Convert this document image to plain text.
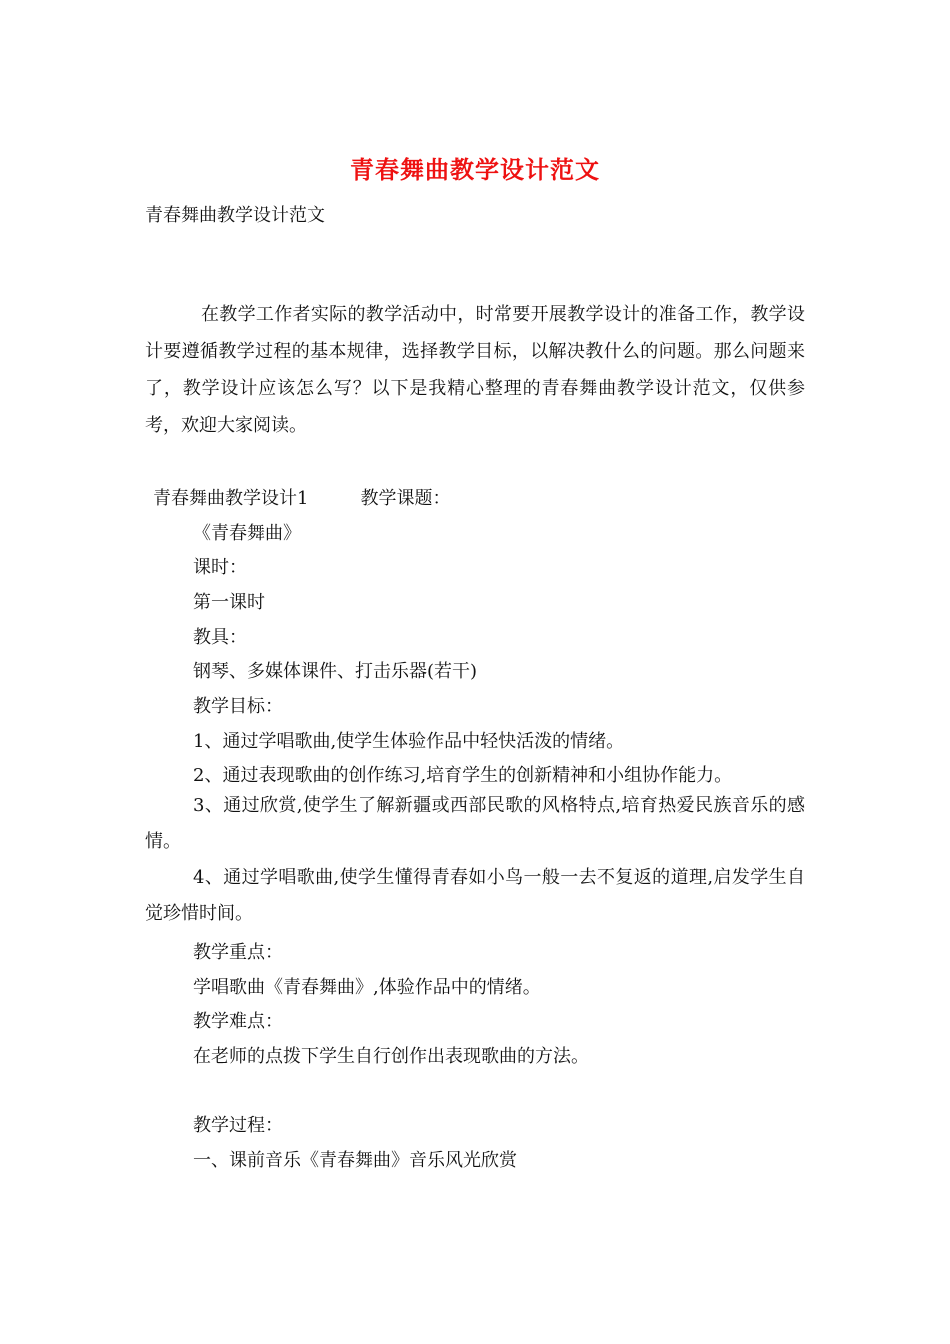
青春舞曲教学设计范文
青春舞曲教学设计范文
在教学工作者实际的教学活动中，时常要开展教学设计的准备工作，教学设计要遵循教学过程的基本规律，选择教学目标，以解决教什么的问题。那么问题来了，教学设计应该怎么写？以下是我精心整理的青春舞曲教学设计范文，仅供参考，欢迎大家阅读。
青春舞曲教学设计1	教学课题：
《青春舞曲》
课时：
第一课时
教具：
钢琴、多媒体课件、打击乐器(若干)
教学目标：
1、通过学唱歌曲,使学生体验作品中轻快活泼的情绪。
2、通过表现歌曲的创作练习,培育学生的创新精神和小组协作能力。
3、通过欣赏,使学生了解新疆或西部民歌的风格特点,培育热爱民族音乐的感情。
4、通过学唱歌曲,使学生懂得青春如小鸟一般一去不复返的道理,启发学生自觉珍惜时间。
教学重点：
学唱歌曲《青春舞曲》,体验作品中的情绪。
教学难点：
在老师的点拨下学生自行创作出表现歌曲的方法。
教学过程：
一、课前音乐《青春舞曲》音乐风光欣赏
